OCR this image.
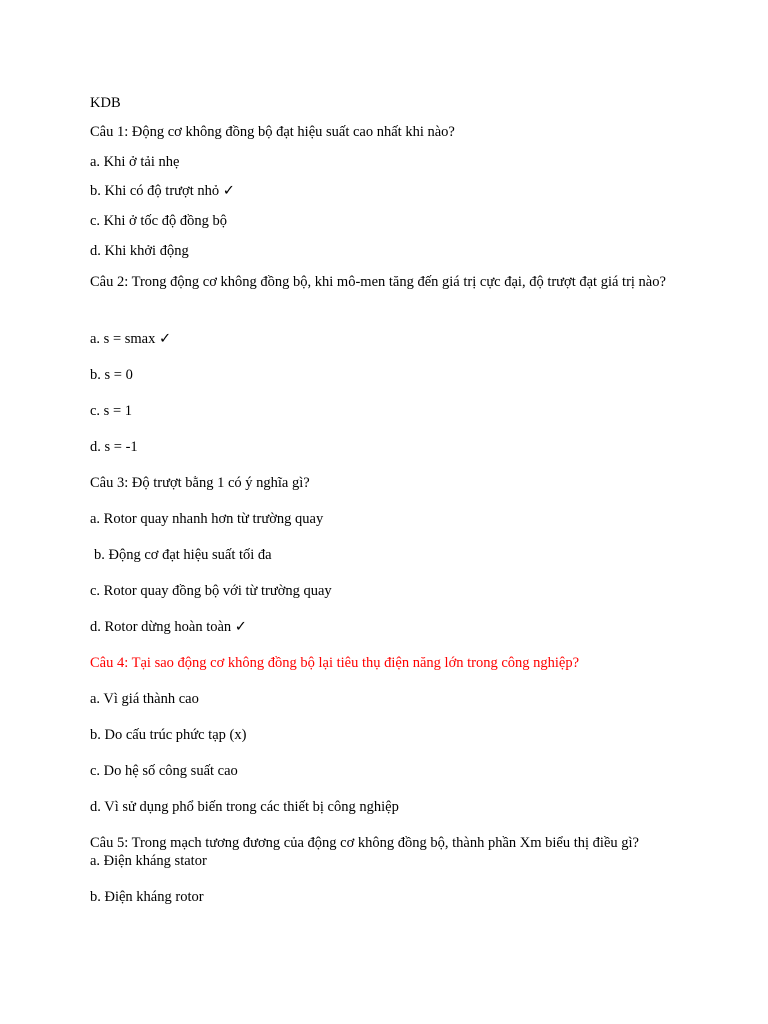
KDB
Câu 1: Động cơ không đồng bộ đạt hiệu suất cao nhất khi nào?
a. Khi ở tải nhẹ
b. Khi có độ trượt nhỏ ✓
c. Khi ở tốc độ đồng bộ
d. Khi khởi động
Câu 2: Trong động cơ không đồng bộ, khi mô-men tăng đến giá trị cực đại, độ trượt đạt giá trị nào?
a. s = smax ✓
b. s = 0
c. s = 1
d. s = -1
Câu 3: Độ trượt bằng 1 có ý nghĩa gì?
a. Rotor quay nhanh hơn từ trường quay
b. Động cơ đạt hiệu suất tối đa
c. Rotor quay đồng bộ với từ trường quay
d. Rotor dừng hoàn toàn ✓
Câu 4: Tại sao động cơ không đồng bộ lại tiêu thụ điện năng lớn trong công nghiệp?
a. Vì giá thành cao
b. Do cấu trúc phức tạp (x)
c. Do hệ số công suất cao
d. Vì sử dụng phổ biến trong các thiết bị công nghiệp
Câu 5: Trong mạch tương đương của động cơ không đồng bộ, thành phần Xm biểu thị điều gì?
a. Điện kháng stator
b. Điện kháng rotor
